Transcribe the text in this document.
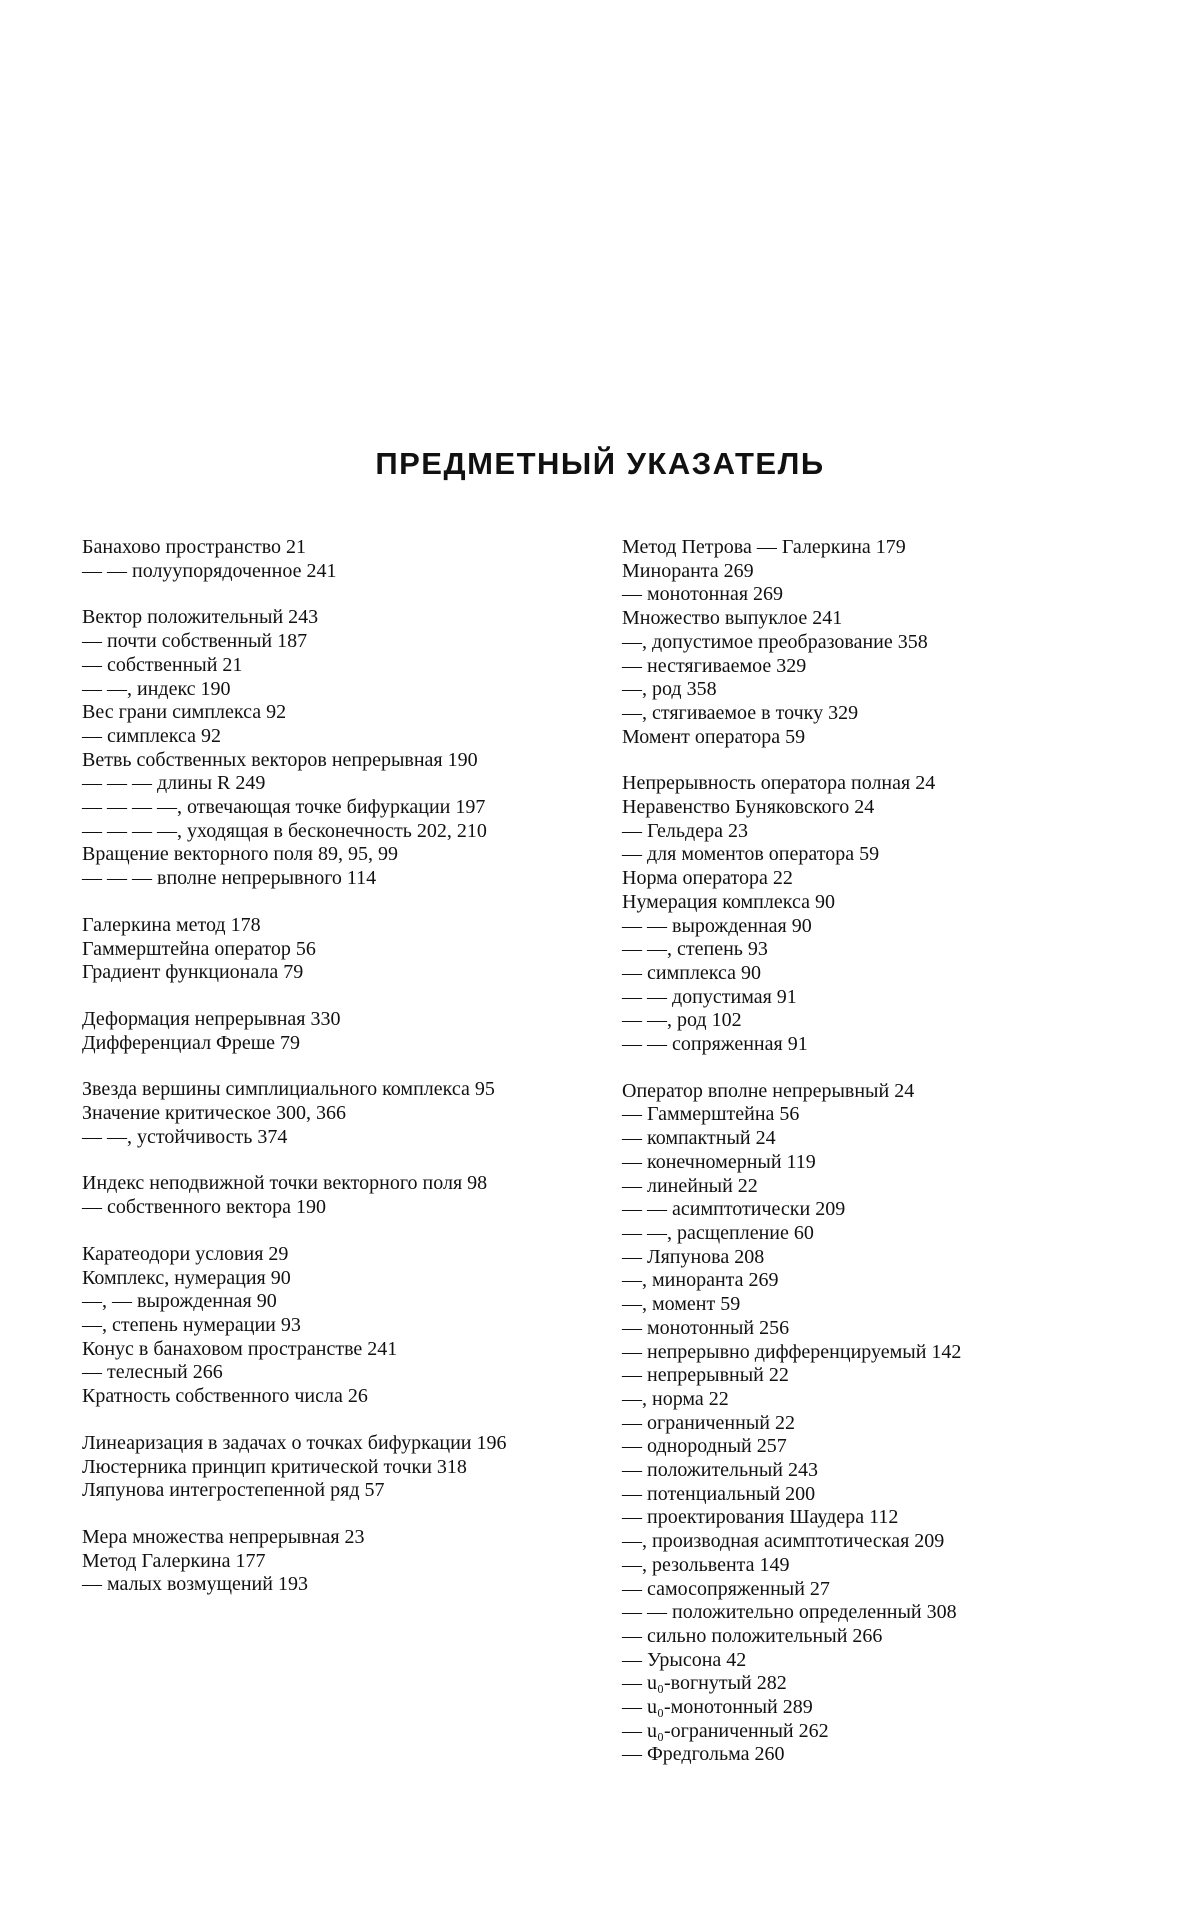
ПРЕДМЕТНЫЙ УКАЗАТЕЛЬ
Банахово пространство 21
— — полуупорядоченное 241
Вектор положительный 243
— почти собственный 187
— собственный 21
— —, индекс 190
Вес грани симплекса 92
— симплекса 92
Ветвь собственных векторов непрерывная 190
— — — длины R 249
— — — —, отвечающая точке бифуркации 197
— — — —, уходящая в бесконечность 202, 210
Вращение векторного поля 89, 95, 99
— — — вполне непрерывного 114
Галеркина метод 178
Гаммерштейна оператор 56
Градиент функционала 79
Деформация непрерывная 330
Дифференциал Фреше 79
Звезда вершины симплициального комплекса 95
Значение критическое 300, 366
— —, устойчивость 374
Индекс неподвижной точки векторного поля 98
— собственного вектора 190
Каратеодори условия 29
Комплекс, нумерация 90
—, — вырожденная 90
—, степень нумерации 93
Конус в банаховом пространстве 241
— телесный 266
Кратность собственного числа 26
Линеаризация в задачах о точках бифуркации 196
Люстерника принцип критической точки 318
Ляпунова интегростепенной ряд 57
Мера множества непрерывная 23
Метод Галеркина 177
— малых возмущений 193
Метод Петрова — Галеркина 179
Миноранта 269
— монотонная 269
Множество выпуклое 241
—, допустимое преобразование 358
— нестягиваемое 329
—, род 358
—, стягиваемое в точку 329
Момент оператора 59
Непрерывность оператора полная 24
Неравенство Буняковского 24
— Гельдера 23
— для моментов оператора 59
Норма оператора 22
Нумерация комплекса 90
— — вырожденная 90
— —, степень 93
— симплекса 90
— — допустимая 91
— —, род 102
— — сопряженная 91
Оператор вполне непрерывный 24
— Гаммерштейна 56
— компактный 24
— конечномерный 119
— линейный 22
— — асимптотически 209
— —, расщепление 60
— Ляпунова 208
—, миноранта 269
—, момент 59
— монотонный 256
— непрерывно дифференцируемый 142
— непрерывный 22
—, норма 22
— ограниченный 22
— однородный 257
— положительный 243
— потенциальный 200
— проектирования Шаудера 112
—, производная асимптотическая 209
—, резольвента 149
— самосопряженный 27
— — положительно определенный 308
— сильно положительный 266
— Урысона 42
— u₀-вогнутый 282
— u₀-монотонный 289
— u₀-ограниченный 262
— Фредгольма 260
